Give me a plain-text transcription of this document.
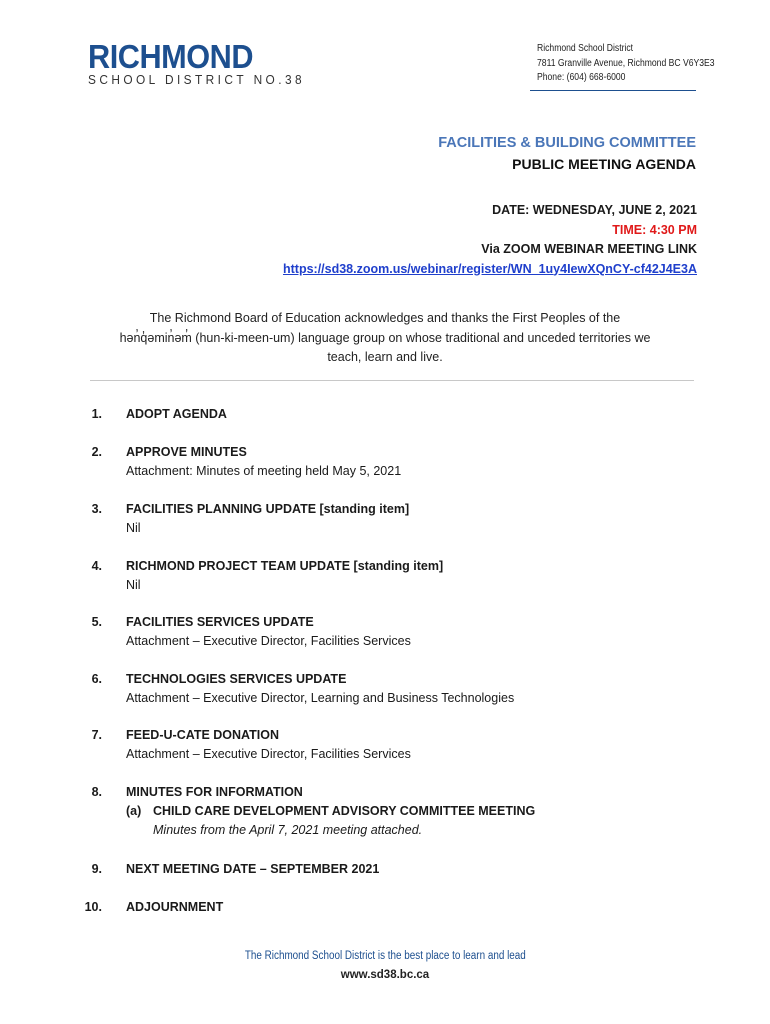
RICHMOND
SCHOOL DISTRICT NO.38
Richmond School District
7811 Granville Avenue, Richmond BC V6Y3E3
Phone: (604) 668-6000
FACILITIES & BUILDING COMMITTEE
PUBLIC MEETING AGENDA
DATE: WEDNESDAY, JUNE 2, 2021
TIME: 4:30 PM
Via ZOOM WEBINAR MEETING LINK
https://sd38.zoom.us/webinar/register/WN_1uy4IewXQnCY-cf42J4E3A
The Richmond Board of Education acknowledges and thanks the First Peoples of the
hən̓q̓əmin̓əm̓ (hun-ki-meen-um) language group on whose traditional and unceded territories we
teach, learn and live.
1. ADOPT AGENDA
2. APPROVE MINUTES
Attachment: Minutes of meeting held May 5, 2021
3. FACILITIES PLANNING UPDATE [standing item]
Nil
4. RICHMOND PROJECT TEAM UPDATE [standing item]
Nil
5. FACILITIES SERVICES UPDATE
Attachment – Executive Director, Facilities Services
6. TECHNOLOGIES SERVICES UPDATE
Attachment – Executive Director, Learning and Business Technologies
7. FEED-U-CATE DONATION
Attachment – Executive Director, Facilities Services
8. MINUTES FOR INFORMATION
(a) CHILD CARE DEVELOPMENT ADVISORY COMMITTEE MEETING
Minutes from the April 7, 2021 meeting attached.
9. NEXT MEETING DATE – SEPTEMBER 2021
10. ADJOURNMENT
The Richmond School District is the best place to learn and lead
www.sd38.bc.ca
